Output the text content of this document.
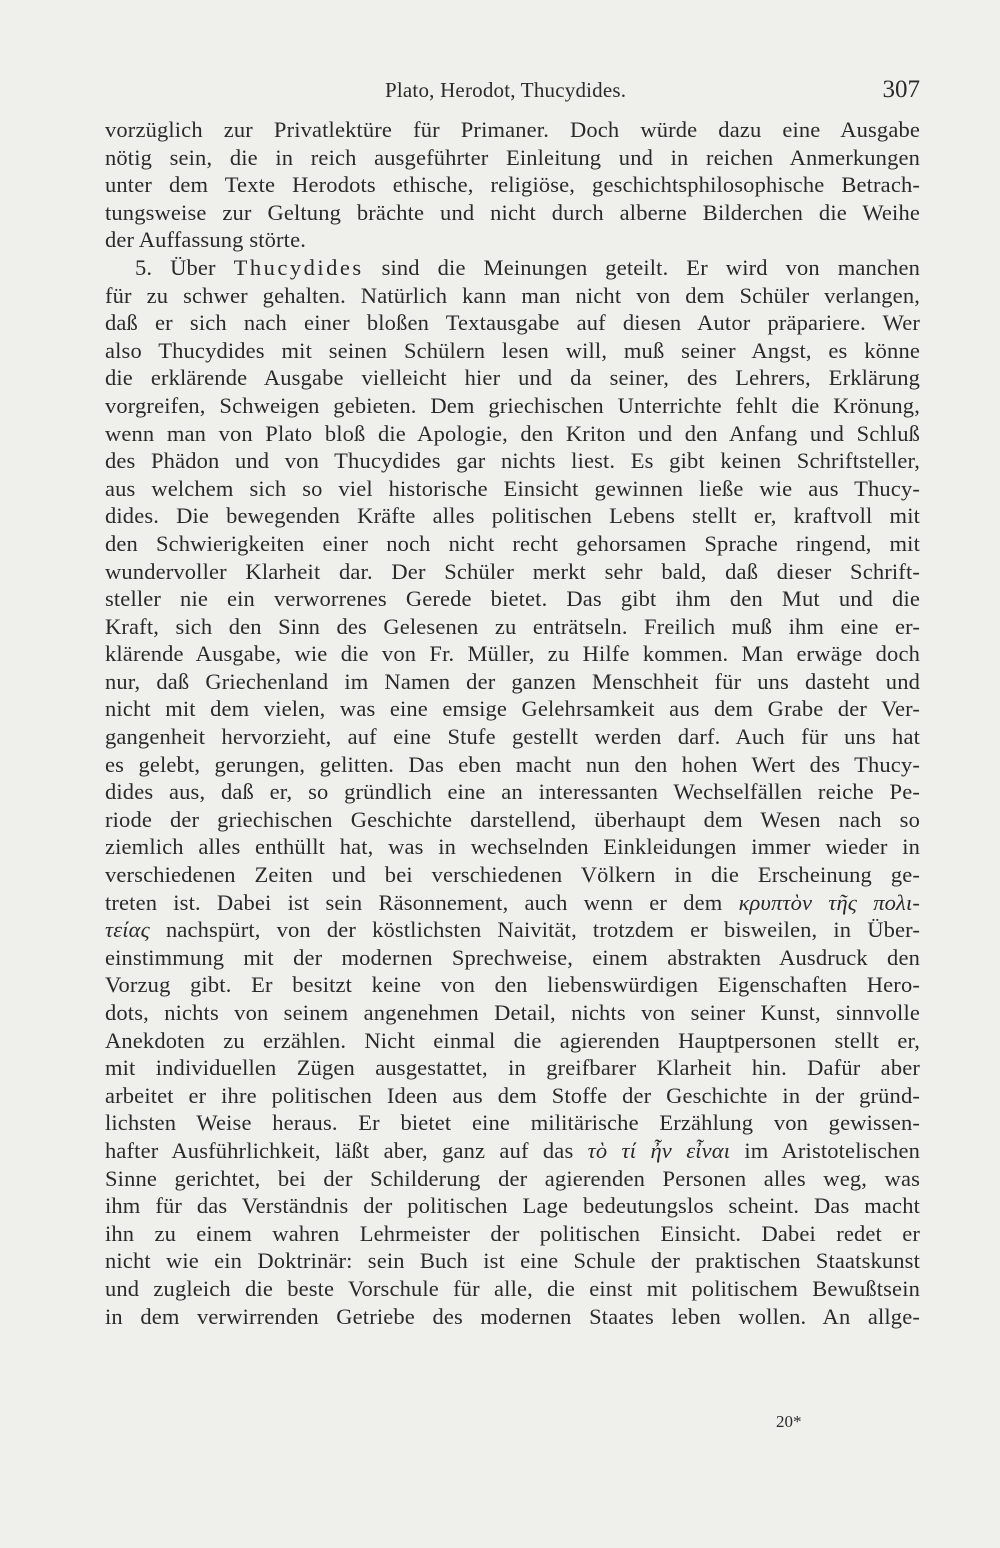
Plato, Herodot, Thucydides.	307
vorzüglich zur Privatlektüre für Primaner. Doch würde dazu eine Ausgabe
nötig sein, die in reich ausgeführter Einleitung und in reichen Anmerkungen
unter dem Texte Herodots ethische, religiöse, geschichtsphilosophische Betrach-
tungsweise zur Geltung brächte und nicht durch alberne Bilderchen die Weihe
der Auffassung störte.
5. Über Thucydides sind die Meinungen geteilt. Er wird von manchen
für zu schwer gehalten. Natürlich kann man nicht von dem Schüler verlangen,
daß er sich nach einer bloßen Textausgabe auf diesen Autor präpariere. Wer
also Thucydides mit seinen Schülern lesen will, muß seiner Angst, es könne
die erklärende Ausgabe vielleicht hier und da seiner, des Lehrers, Erklärung
vorgreifen, Schweigen gebieten. Dem griechischen Unterrichte fehlt die Krönung,
wenn man von Plato bloß die Apologie, den Kriton und den Anfang und Schluß
des Phädon und von Thucydides gar nichts liest. Es gibt keinen Schriftsteller,
aus welchem sich so viel historische Einsicht gewinnen ließe wie aus Thucy-
dides. Die bewegenden Kräfte alles politischen Lebens stellt er, kraftvoll mit
den Schwierigkeiten einer noch nicht recht gehorsamen Sprache ringend, mit
wundervoller Klarheit dar. Der Schüler merkt sehr bald, daß dieser Schrift-
steller nie ein verworrenes Gerede bietet. Das gibt ihm den Mut und die
Kraft, sich den Sinn des Gelesenen zu enträtseln. Freilich muß ihm eine er-
klärende Ausgabe, wie die von Fr. Müller, zu Hilfe kommen. Man erwäge doch
nur, daß Griechenland im Namen der ganzen Menschheit für uns dasteht und
nicht mit dem vielen, was eine emsige Gelehrsamkeit aus dem Grabe der Ver-
gangenheit hervorzieht, auf eine Stufe gestellt werden darf. Auch für uns hat
es gelebt, gerungen, gelitten. Das eben macht nun den hohen Wert des Thucy-
dides aus, daß er, so gründlich eine an interessanten Wechselfällen reiche Pe-
riode der griechischen Geschichte darstellend, überhaupt dem Wesen nach so
ziemlich alles enthüllt hat, was in wechselnden Einkleidungen immer wieder in
verschiedenen Zeiten und bei verschiedenen Völkern in die Erscheinung ge-
treten ist. Dabei ist sein Räsonnement, auch wenn er dem κρυπτὸν τῆς πολι-
τείας nachspürt, von der köstlichsten Naivität, trotzdem er bisweilen, in Über-
einstimmung mit der modernen Sprechweise, einem abstrakten Ausdruck den
Vorzug gibt. Er besitzt keine von den liebenswürdigen Eigenschaften Hero-
dots, nichts von seinem angenehmen Detail, nichts von seiner Kunst, sinnvolle
Anekdoten zu erzählen. Nicht einmal die agierenden Hauptpersonen stellt er,
mit individuellen Zügen ausgestattet, in greifbarer Klarheit hin. Dafür aber
arbeitet er ihre politischen Ideen aus dem Stoffe der Geschichte in der gründ-
lichsten Weise heraus. Er bietet eine militärische Erzählung von gewissen-
hafter Ausführlichkeit, läßt aber, ganz auf das τὸ τί ἦν εἶναι im Aristotelischen
Sinne gerichtet, bei der Schilderung der agierenden Personen alles weg, was
ihm für das Verständnis der politischen Lage bedeutungslos scheint. Das macht
ihn zu einem wahren Lehrmeister der politischen Einsicht. Dabei redet er
nicht wie ein Doktrinär: sein Buch ist eine Schule der praktischen Staatskunst
und zugleich die beste Vorschule für alle, die einst mit politischem Bewußtsein
in dem verwirrenden Getriebe des modernen Staates leben wollen. An allge-
20*
